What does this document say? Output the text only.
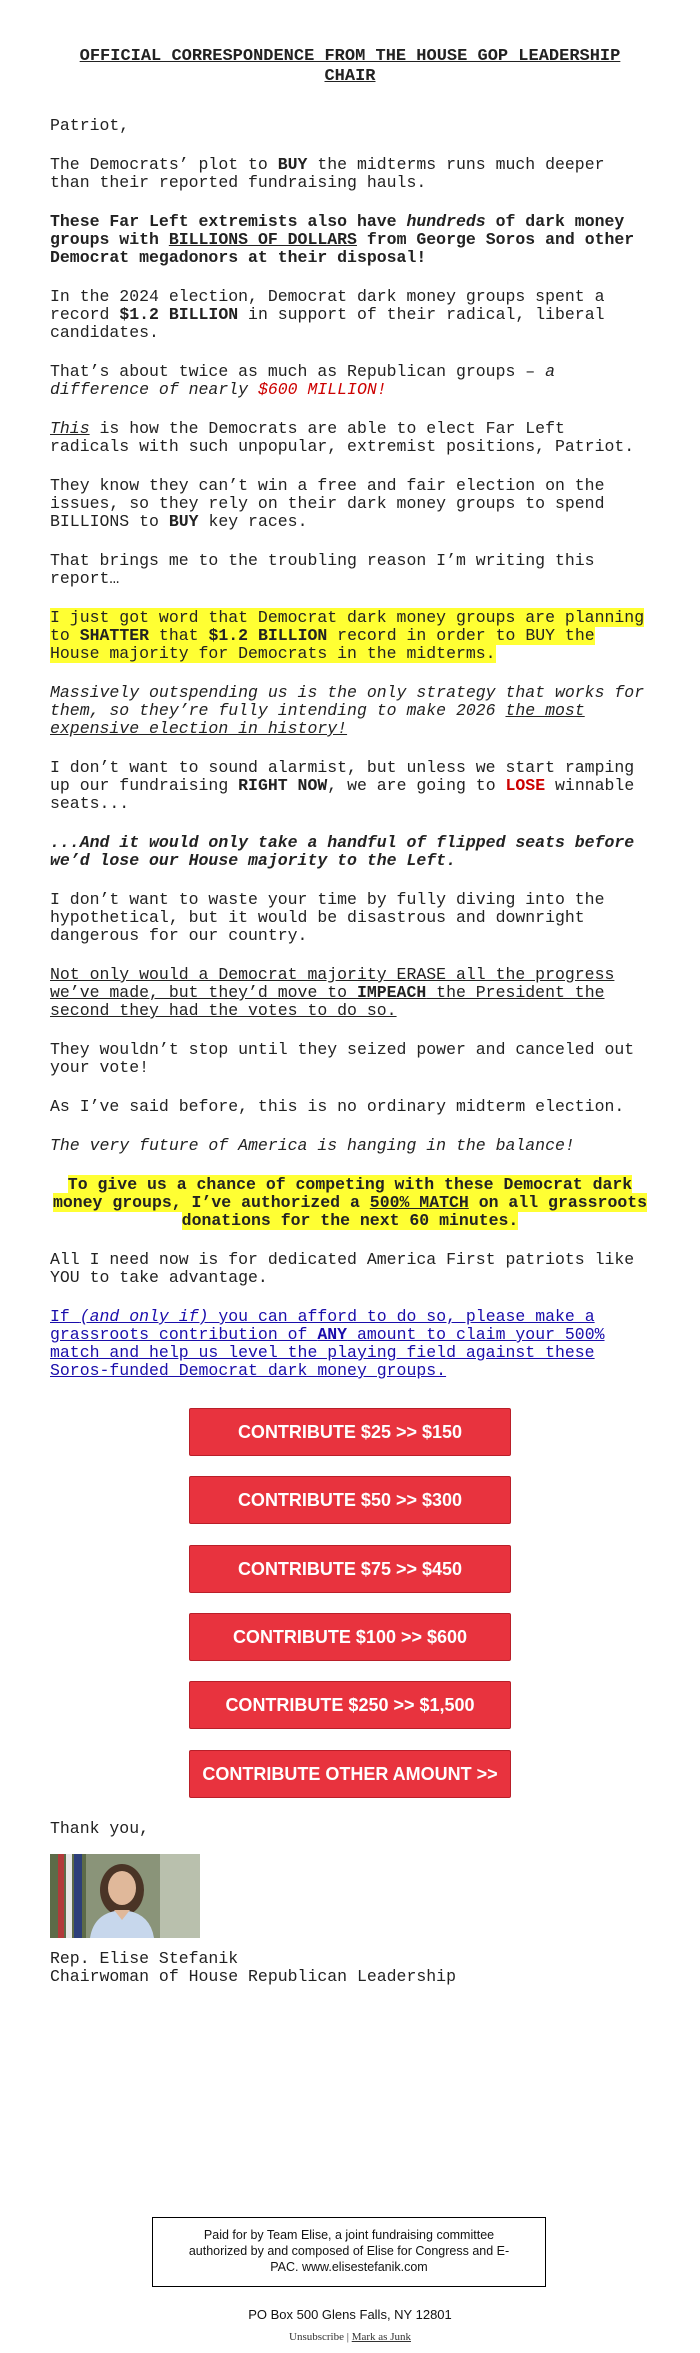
OFFICIAL CORRESPONDENCE FROM THE HOUSE GOP LEADERSHIP CHAIR

Patriot,

The Democrats’ plot to BUY the midterms runs much deeper than their reported fundraising hauls.

These Far Left extremists also have hundreds of dark money groups with BILLIONS OF DOLLARS from George Soros and other Democrat megadonors at their disposal!

In the 2024 election, Democrat dark money groups spent a record $1.2 BILLION in support of their radical, liberal candidates.

That’s about twice as much as Republican groups – a difference of nearly $600 MILLION!

This is how the Democrats are able to elect Far Left radicals with such unpopular, extremist positions, Patriot.

They know they can’t win a free and fair election on the issues, so they rely on their dark money groups to spend BILLIONS to BUY key races.

That brings me to the troubling reason I’m writing this report…

I just got word that Democrat dark money groups are planning to SHATTER that $1.2 BILLION record in order to BUY the House majority for Democrats in the midterms.

Massively outspending us is the only strategy that works for them, so they’re fully intending to make 2026 the most expensive election in history!

I don’t want to sound alarmist, but unless we start ramping up our fundraising RIGHT NOW, we are going to LOSE winnable seats...

...And it would only take a handful of flipped seats before we’d lose our House majority to the Left.

I don’t want to waste your time by fully diving into the hypothetical, but it would be disastrous and downright dangerous for our country.

Not only would a Democrat majority ERASE all the progress we’ve made, but they’d move to IMPEACH the President the second they had the votes to do so.

They wouldn’t stop until they seized power and canceled out your vote!

As I’ve said before, this is no ordinary midterm election.

The very future of America is hanging in the balance!

To give us a chance of competing with these Democrat dark money groups, I’ve authorized a 500% MATCH on all grassroots donations for the next 60 minutes.

All I need now is for dedicated America First patriots like YOU to take advantage.

If (and only if) you can afford to do so, please make a grassroots contribution of ANY amount to claim your 500% match and help us level the playing field against these Soros-funded Democrat dark money groups.

CONTRIBUTE $25 >> $150
CONTRIBUTE $50 >> $300
CONTRIBUTE $75 >> $450
CONTRIBUTE $100 >> $600
CONTRIBUTE $250 >> $1,500
CONTRIBUTE OTHER AMOUNT >>

Thank you,

Rep. Elise Stefanik

Chairwoman of House Republican Leadership

Paid for by Team Elise, a joint fundraising committee authorized by and composed of Elise for Congress and E-PAC. www.elisestefanik.com
PO Box 500 Glens Falls, NY 12801
Unsubscribe | Mark as Junk
